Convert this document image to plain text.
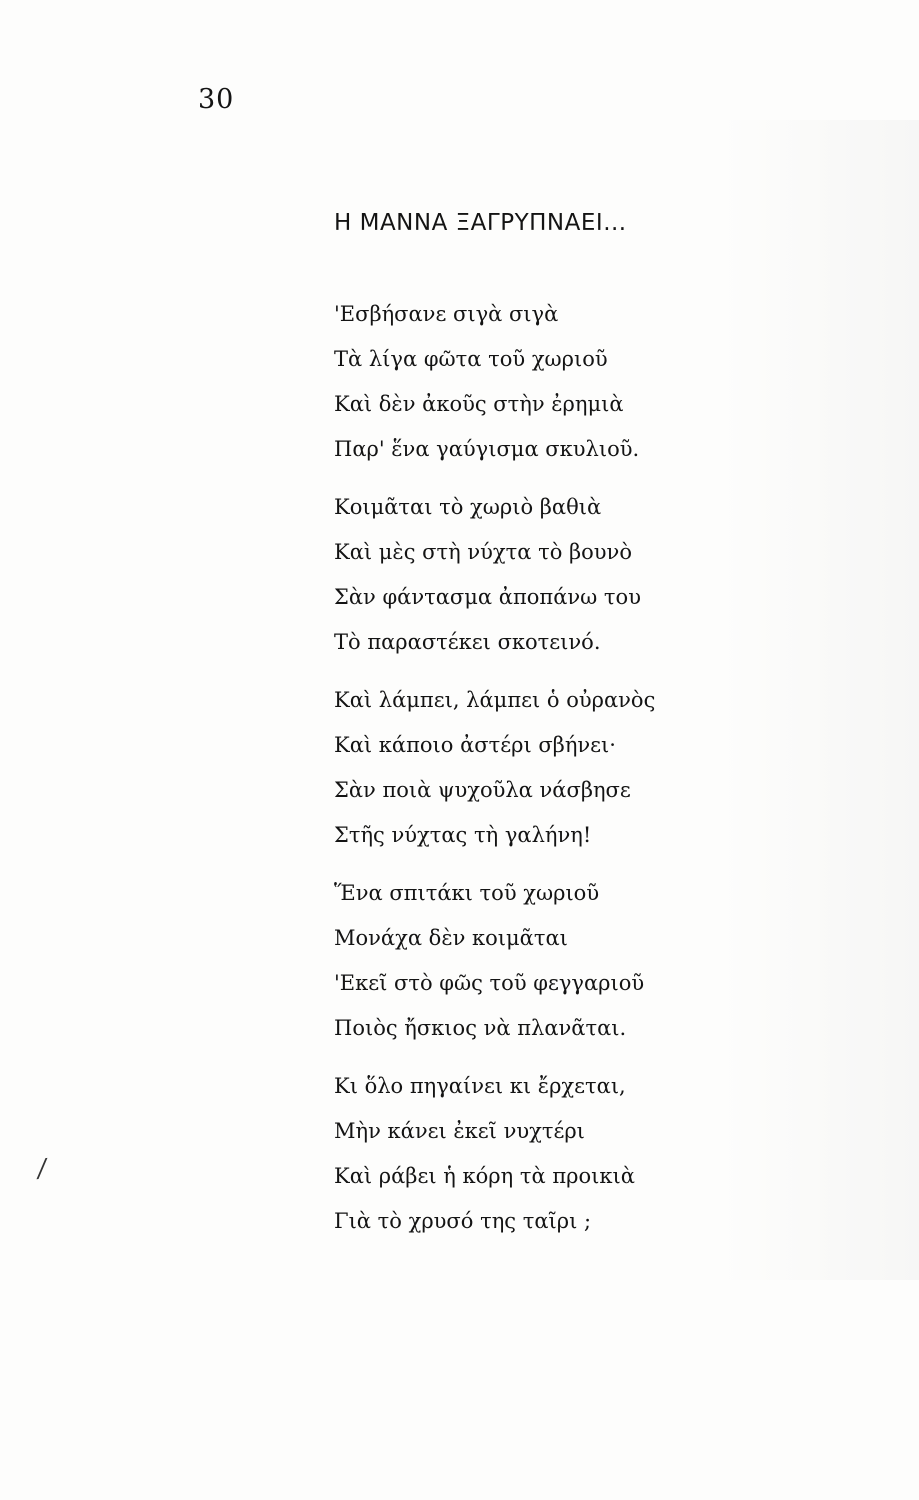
30
Η ΜΑΝΝΑ ΞΑΓΡΥΠΝΑΕΙ...
'Εσβήσανε σιγὰ σιγὰ
Τὰ λίγα φῶτα τοῦ χωριοῦ
Καὶ δὲν ἀκοῦς στὴν ἐρημιὰ
Παρ' ἕνα γαύγισμα σκυλιοῦ.
Κοιμᾶται τὸ χωριὸ βαθιὰ
Καὶ μὲς στὴ νύχτα τὸ βουνὸ
Σὰν φάντασμα ἀποπάνω του
Τὸ παραστέκει σκοτεινό.
Καὶ λάμπει, λάμπει ὁ οὐρανὸς
Καὶ κάποιο ἀστέρι σβήνει·
Σὰν ποιὰ ψυχοῦλα νάσβησε
Στῆς νύχτας τὴ γαλήνη!
Ἕνα σπιτάκι τοῦ χωριοῦ
Μονάχα δὲν κοιμᾶται
'Εκεῖ στὸ φῶς τοῦ φεγγαριοῦ
Ποιὸς ἤσκιος νὰ πλανᾶται.
Κι ὅλο πηγαίνει κι ἔρχεται,
Μὴν κάνει ἐκεῖ νυχτέρι
Καὶ ράβει ἡ κόρη τὰ προικιὰ
Γιὰ τὸ χρυσό της ταῖρι ;
⁄
